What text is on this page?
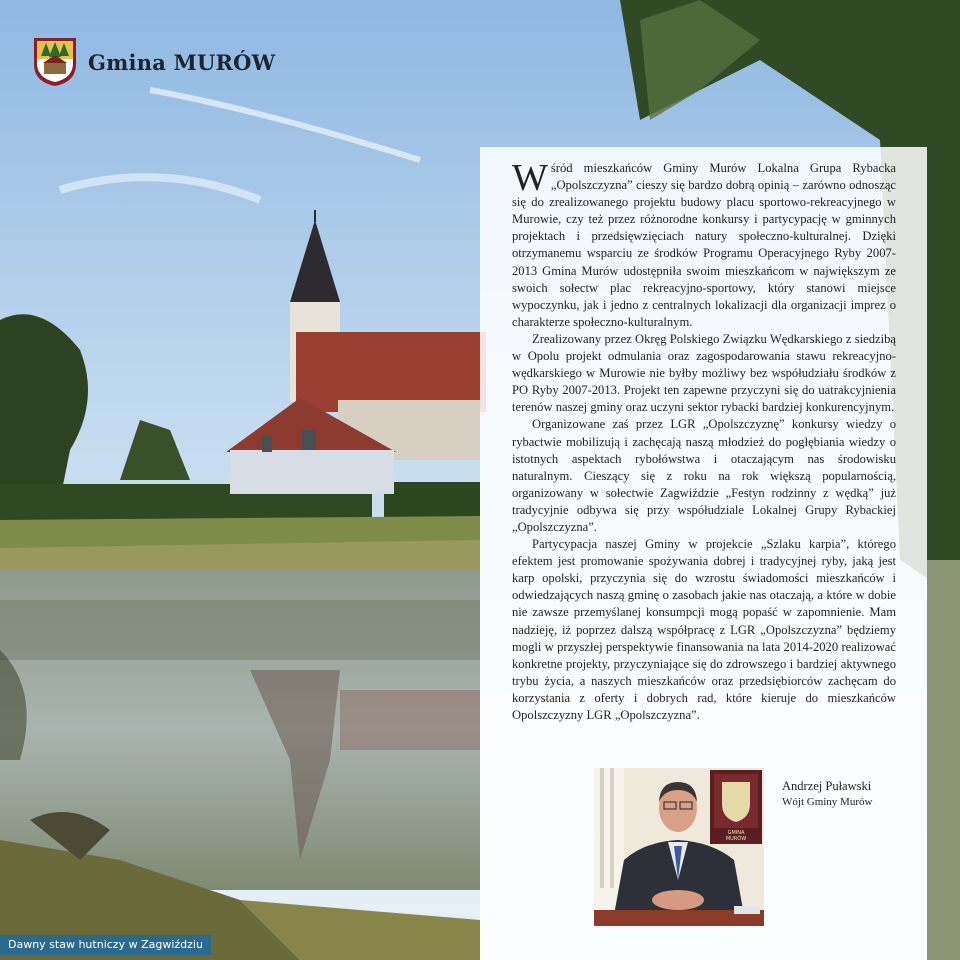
Gmina MURÓW

Wśród mieszkańców Gminy Murów Lokalna Grupa Rybacka „Opolszczyzna” cieszy się bardzo dobrą opinią – zarówno odnosząc się do zrealizowanego projektu budowy placu sportowo-rekreacyjnego w Murowie, czy też przez różnorodne konkursy i partycypację w gminnych projektach i przedsięwzięciach natury społeczno-kulturalnej. Dzięki otrzymanemu wsparciu ze środków Programu Operacyjnego Ryby 2007-2013 Gmina Murów udostępniła swoim mieszkańcom w największym ze swoich sołectw plac rekreacyjno-sportowy, który stanowi miejsce wypoczynku, jak i jedno z centralnych lokalizacji dla organizacji imprez o charakterze społeczno-kulturalnym.

Zrealizowany przez Okręg Polskiego Związku Wędkarskiego z siedzibą w Opolu projekt odmulania oraz zagospodarowania stawu rekreacyjno-wędkarskiego w Murowie nie byłby możliwy bez współudziału środków z PO Ryby 2007-2013. Projekt ten zapewne przyczyni się do uatrakcyjnienia terenów naszej gminy oraz uczyni sektor rybacki bardziej konkurencyjnym.

Organizowane zaś przez LGR „Opolszczyznę” konkursy wiedzy o rybactwie mobilizują i zachęcają naszą młodzież do pogłębiania wiedzy o istotnych aspektach rybołówstwa i otaczającym nas środowisku naturalnym. Cieszący się z roku na rok większą popularnością, organizowany w sołectwie Zagwiździe „Festyn rodzinny z wędką” już tradycyjnie odbywa się przy współudziale Lokalnej Grupy Rybackiej „Opolszczyzna”.

Partycypacja naszej Gminy w projekcie „Szlaku karpia”, którego efektem jest promowanie spożywania dobrej i tradycyjnej ryby, jaką jest karp opolski, przyczynia się do wzrostu świadomości mieszkańców i odwiedzających naszą gminę o zasobach jakie nas otaczają, a które w dobie nie zawsze przemyślanej konsumpcji mogą popaść w zapomnienie. Mam nadzieję, iż poprzez dalszą współpracę z LGR „Opolszczyzna” będziemy mogli w przyszłej perspektywie finansowania na lata 2014-2020 realizować konkretne projekty, przyczyniające się do zdrowszego i bardziej aktywnego trybu życia, a naszych mieszkańców oraz przedsiębiorców zachęcam do korzystania z oferty i dobrych rad, które kieruje do mieszkańców Opolszczyzny LGR „Opolszczyzna”.

GMINA
MURÓW
Andrzej Puławski
Wójt Gminy Murów
Dawny staw hutniczy w Zagwiździu
